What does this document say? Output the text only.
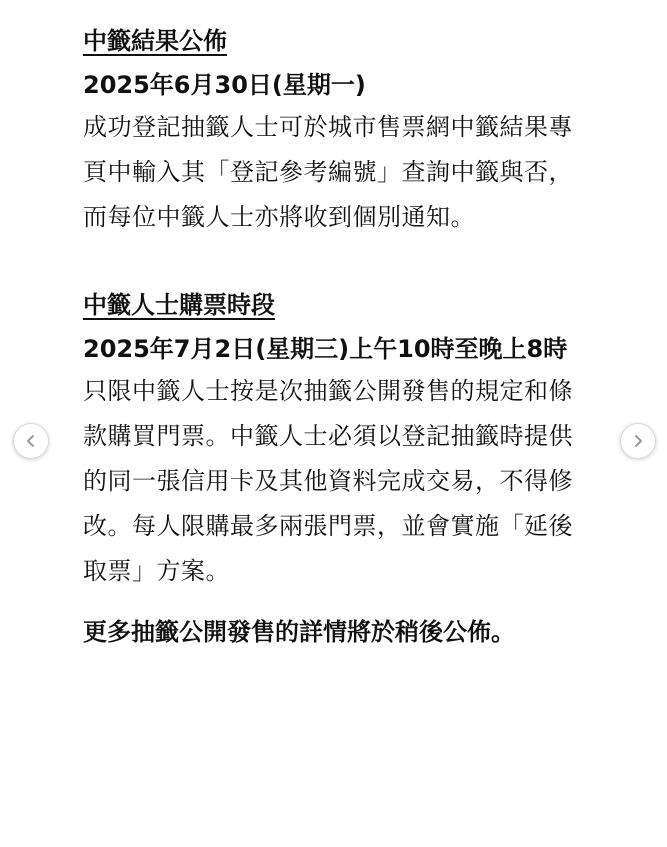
中籤結果公佈
2025年6月30日(星期一)
成功登記抽籤人士可於城市售票網中籤結果專頁中輸入其「登記參考編號」查詢中籤與否，而每位中籤人士亦將收到個別通知。
中籤人士購票時段
2025年7月2日(星期三)上午10時至晚上8時
只限中籤人士按是次抽籤公開發售的規定和條款購買門票。中籤人士必須以登記抽籤時提供的同一張信用卡及其他資料完成交易，不得修改。每人限購最多兩張門票，並會實施「延後取票」方案。
更多抽籤公開發售的詳情將於稍後公佈。
